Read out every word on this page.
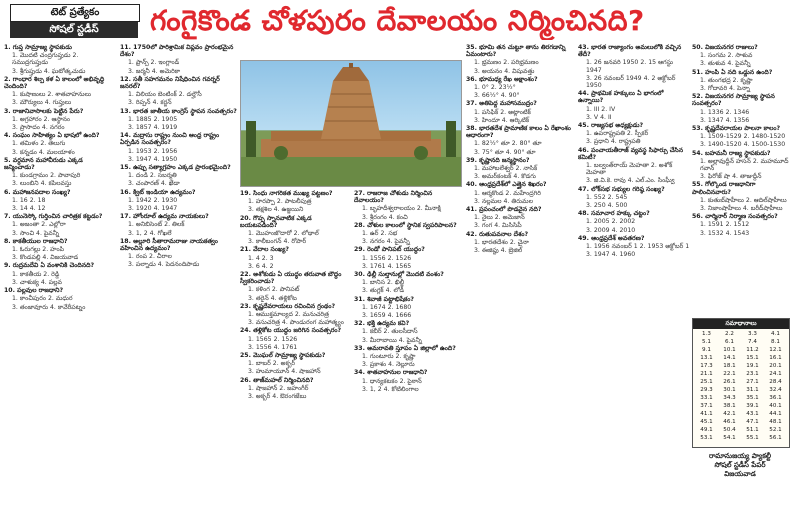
టెట్ ప్రత్యేకం
సోషల్ స్టడీస్	గంగైకొండ చోళపురం దేవాలయం నిర్మించినది?

1. గుప్త సామ్రాజ్య స్థాపకుడు

1. మొదటి చంద్రగుప్తుడు 2. సముద్రగుప్తుడు

3. శ్రీగుప్తుడు 4. ఘటోత్కచుడు

2. గాంధార శిల్ప కళ ఏ కాలంలో అభివృద్ధి చెందింది?

1. కుషాణులు 2. శాతవాహనులు

3. మౌర్యులు 4. గుప్తులు

3. రాజానివాసాలకు పెట్టిన పేరు?

1. అగ్రహారం 2. ఆస్థానం

3. ప్రాసాదం 4. నగరం

4. సంఘం సాహిత్యం ఏ భాషలో ఉంది?

1. తమిళం 2. తెలుగు

3. కన్నడం 4. మలయాళం

5. వర్ధమాన మహావీరుడు ఎక్కడ జన్మించాడు?

1. కుండగ్రామం 2. పావాపురి

3. లుంబిని 4. కపిలవస్తు

6. మహాజనపదాల సంఖ్య?

1. 16 2. 18

3. 14 4. 12

7. యునెస్కో గుర్తించిన చారిత్రక కట్టడం?

1. అజంతా 2. ఎల్లోరా

3. సాంచి 4. పైవన్నీ

8. కాకతీయుల రాజధాని?

1. ఓరుగల్లు 2. హంపి

3. కొండపల్లి 4. విజయవాడ

9. రుద్రమదేవి ఏ వంశానికి చెందినది?

1. కాకతీయ 2. రెడ్డి

3. చాళుక్య 4. పల్లవ

10. పల్లవుల రాజధాని?

1. కాంచీపురం 2. మధుర

3. తంజావూరు 4. కావేరీపట్నం

11. 1750లో పారిశ్రామిక విప్లవం ప్రారంభమైన దేశం?

1. ఫ్రాన్స్ 2. ఇంగ్లాండ్

3. జర్మనీ 4. అమెరికా

12. సతీ సహగమనం నిషేధించిన గవర్నర్ జనరల్?

1. విలియం బెంటింక్ 2. డల్హౌసీ

3. రిప్పన్ 4. కర్జన్

13. భారత జాతీయ కాంగ్రెస్ స్థాపన సంవత్సరం?

1. 1885 2. 1905

3. 1857 4. 1919

14. మద్రాసు రాష్ట్రం నుంచి ఆంధ్ర రాష్ట్రం ఏర్పడిన సంవత్సరం?

1. 1953 2. 1956

3. 1947 4. 1950

15. ఉప్పు సత్యాగ్రహం ఎక్కడ ప్రారంభమైంది?

1. దండి 2. సబర్మతి

3. చంపారణ్ 4. ఖేడా

16. క్విట్ ఇండియా ఉద్యమం?

1. 1942 2. 1930

3. 1920 4. 1947

17. హోంరూల్ ఉద్యమ నాయకులు?

1. అనిబిసెంట్ 2. తిలక్

3. 1, 2 4. గోఖలే

18. అల్లూరి సీతారామరాజు నాయకత్వం వహించిన ఉద్యమం?

1. రంప 2. చీరాల

3. పల్నాడు 4. పెదనందిపాడు

19. సింధు నాగరికత ముఖ్య పట్టణం?

1. హరప్పా 2. పాటలీపుత్ర

3. తక్షశిల 4. ఉజ్జయిని

20. గొప్ప స్నానవాటిక ఎక్కడ బయటపడింది?

1. మొహంజొదారో 2. లోథాల్

3. కాలీబంగన్ 4. రోపార్

21. వేదాల సంఖ్య?

1. 4 2. 3

3. 6 4. 2

22. అశోకుడు ఏ యుద్ధం తరువాత బౌద్ధం స్వీకరించాడు?

1. కళింగ 2. పానిపట్

3. తరైన్ 4. తళ్లికోట

23. కృష్ణదేవరాయలు రచించిన గ్రంథం?

1. ఆముక్తమాల్యద 2. మనుచరిత్ర

3. వసుచరిత్ర 4. పాండురంగ మహాత్మ్యం

24. తళ్లికోట యుద్ధం జరిగిన సంవత్సరం?

1. 1565 2. 1526

3. 1556 4. 1761

25. మొఘల్ సామ్రాజ్య స్థాపకుడు?

1. బాబర్ 2. అక్బర్

3. హుమాయూన్ 4. షాజహాన్

26. తాజ్‌మహల్ నిర్మించినది?

1. షాజహాన్ 2. జహంగీర్

3. అక్బర్ 4. ఔరంగజేబు

27. రాజరాజ చోళుడు నిర్మించిన దేవాలయం?

1. బృహదీశ్వరాలయం 2. మీనాక్షి

3. శ్రీరంగం 4. కంచి

28. చోళుల కాలంలో స్థానిక స్వపరిపాలన?

1. ఉర్ 2. సభ

3. నగరం 4. పైవన్నీ

29. రెండో పానిపట్ యుద్ధం?

1. 1556 2. 1526

3. 1761 4. 1565

30. ఢిల్లీ సుల్తానుల్లో మొదటి వంశం?

1. బానిస 2. ఖిల్జీ

3. తుగ్లక్ 4. లోడీ

31. శివాజీ పట్టాభిషేకం?

1. 1674 2. 1680

3. 1659 4. 1666

32. భక్తి ఉద్యమ కవి?

1. కబీర్ 2. తులసీదాస్

3. మీరాబాయి 4. పైవన్నీ

33. అమరావతి స్తూపం ఏ జిల్లాలో ఉంది?

1. గుంటూరు 2. కృష్ణా

3. ప్రకాశం 4. నెల్లూరు

34. శాతవాహనుల రాజధాని?

1. ధాన్యకటకం 2. పైఠాన్

3. 1, 2 4. కోటిలింగాల

35. భూమి తన చుట్టూ తాను తిరగడాన్ని ఏమంటారు?

1. భ్రమణం 2. పరిభ్రమణం

3. అయనం 4. విషువత్తు

36. భూమధ్య రేఖ అక్షాంశం?

1. 0° 2. 23½°

3. 66½° 4. 90°

37. అతిపెద్ద మహాసముద్రం?

1. పసిఫిక్ 2. అట్లాంటిక్

3. హిందూ 4. ఆర్కిటిక్

38. భారతదేశ ప్రామాణిక కాలం ఏ రేఖాంశం ఆధారంగా?

1. 82½° తూ 2. 80° తూ

3. 75° తూ 4. 90° తూ

39. కృష్ణానది జన్మస్థానం?

1. మహాబలేశ్వర్ 2. నాసిక్

3. అమర్‌కంటక్ 4. కొడగు

40. ఆంధ్రప్రదేశ్‌లో ఎత్తైన శిఖరం?

1. ఆర్మకొండ 2. మహేంద్రగిరి

3. నల్లమల 4. తిరుమల

41. ప్రపంచంలో పొడవైన నది?

1. నైలు 2. అమెజాన్

3. గంగ 4. మిసిసిపీ

42. రుతుపవనాల దేశం?

1. భారతదేశం 2. చైనా

3. ఈజిప్టు 4. బ్రెజిల్

43. భారత రాజ్యాంగం అమలులోకి వచ్చిన తేదీ?

1. 26 జనవరి 1950 2. 15 ఆగస్టు 1947

3. 26 నవంబర్ 1949 4. 2 అక్టోబర్ 1950

44. ప్రాథమిక హక్కులు ఏ భాగంలో ఉన్నాయి?

1. III 2. IV

3. V 4. II

45. రాజ్యసభ అధ్యక్షుడు?

1. ఉపరాష్ట్రపతి 2. స్పీకర్

3. ప్రధాని 4. రాష్ట్రపతి

46. పంచాయతీరాజ్ వ్యవస్థ సిఫార్సు చేసిన కమిటీ?

1. బల్వంత్‌రాయ్ మెహతా 2. అశోక్ మెహతా

3. జి.వి.కె. రావు 4. ఎల్.ఎం. సింఘ్వీ

47. లోక్‌సభ సభ్యుల గరిష్ఠ సంఖ్య?

1. 552 2. 545

3. 250 4. 500

48. సమాచార హక్కు చట్టం?

1. 2005 2. 2002

3. 2009 4. 2010

49. ఆంధ్రప్రదేశ్ అవతరణ?

1. 1956 నవంబర్ 1 2. 1953 అక్టోబర్ 1

3. 1947 4. 1960

50. విజయనగర రాజులు?

1. సంగమ 2. సాళువ

3. తుళువ 4. పైవన్నీ

51. హంపి ఏ నది ఒడ్డున ఉంది?

1. తుంగభద్ర 2. కృష్ణా

3. గోదావరి 4. పెన్నా

52. విజయనగర సామ్రాజ్య స్థాపన సంవత్సరం?

1. 1336 2. 1346

3. 1347 4. 1356

53. కృష్ణదేవరాయల పాలనా కాలం?

1. 1509-1529 2. 1480-1520

3. 1490-1520 4. 1500-1530

54. బహమనీ రాజ్య స్థాపకుడు?

1. అల్లావుద్దీన్ హసన్ 2. మహమూద్ గవాన్

3. ఫిరోజ్ షా 4. తాజుద్దీన్

55. గోల్కొండ రాజధానిగా పాలించినవారు?

1. కుతుబ్‌షాహీలు 2. ఆదిల్‌షాహీలు

3. నిజాంషాహీలు 4. బరీద్‌షాహీలు

56. చార్మినార్ నిర్మాణ సంవత్సరం?

1. 1591 2. 1512

3. 1532 4. 1543

సమాధానాలు
1.3	2.2	3.3	4.1
5.1	6.1	7.4	8.1
9.1	10.1	11.2	12.1
13.1	14.1	15.1	16.1
17.3	18.1	19.1	20.1
21.1	22.1	23.1	24.1
25.1	26.1	27.1	28.4
29.3	30.1	31.1	32.4
33.1	34.3	35.1	36.1
37.1	38.1	39.1	40.1
41.1	42.1	43.1	44.1
45.1	46.1	47.1	48.1
49.1	50.4	51.1	52.1
53.1	54.1	55.1	56.1
రామానుజయ్య ప్యాకల్టీ
సోషల్ స్టడీస్ పేపర్
విజయవాడ
